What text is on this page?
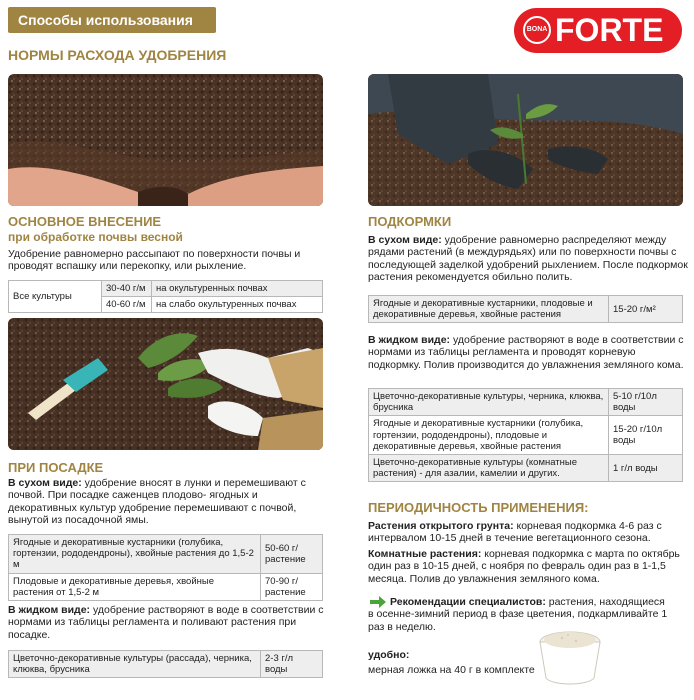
Способы использования
BONA FORTE
НОРМЫ РАСХОДА УДОБРЕНИЯ
ОСНОВНОЕ ВНЕСЕНИЕ
при обработке почвы весной

Удобрение равномерно рассыпают по поверхности почвы и проводят вспашку или перекопку, или рыхление.

Все культуры	30-40 г/м	на окультуренных почвах
	40-60 г/м	на слабо окультуренных почвах
ПРИ ПОСАДКЕ

В сухом виде: удобрение вносят в лунки и перемешивают с почвой. При посадке саженцев плодово- ягодных и декоративных культур удобрение перемешивают с почвой, вынутой из посадочной ямы.

Ягодные и декоративные кустарники (голубика, гортензии, рододендроны), хвойные растения до 1,5-2 м	50-60 г/растение
Плодовые и декоративные деревья, хвойные растения от 1,5-2 м	70-90 г/растение

В жидком виде: удобрение растворяют в воде в соответствии с нормами из таблицы регламента и поливают растения при посадке.

Цветочно-декоративные культуры (рассада), черника, клюква, брусника	2-3 г/л воды
ПОДКОРМКИ

В сухом виде: удобрение равномерно распределяют между рядами растений (в междурядьях) или по поверхности почвы с последующей заделкой удобрений рыхлением. После подкормок растения рекомендуется обильно полить.

Ягодные и декоративные кустарники, плодовые и декоративные деревья, хвойные растения	15-20 г/м²

В жидком виде: удобрение растворяют в воде в соответствии с нормами из таблицы регламента и проводят корневую подкормку. Полив производится до увлажнения земляного кома.

Цветочно-декоративные культуры, черника, клюква, брусника	5-10 г/10л воды
Ягодные и декоративные кустарники (голубика, гортензии, рододендроны), плодовые и декоративные деревья, хвойные растения	15-20 г/10л воды
Цветочно-декоративные культуры (комнатные растения) - для азалии, камелии и других.	1 г/л воды
ПЕРИОДИЧНОСТЬ ПРИМЕНЕНИЯ:

Растения открытого грунта: корневая подкормка 4-6 раз с интервалом 10-15 дней в течение вегетационного сезона.

Комнатные растения: корневая подкормка с марта по октябрь один раз в 10-15 дней, с ноября по февраль один раз в 1-1,5 месяца. Полив до увлажнения земляного кома.

Рекомендации специалистов: растения, находящиеся в осенне-зимний период в фазе цветения, подкармливайте 1 раз в неделю.

удобно:
мерная ложка на 40 г в комплекте
